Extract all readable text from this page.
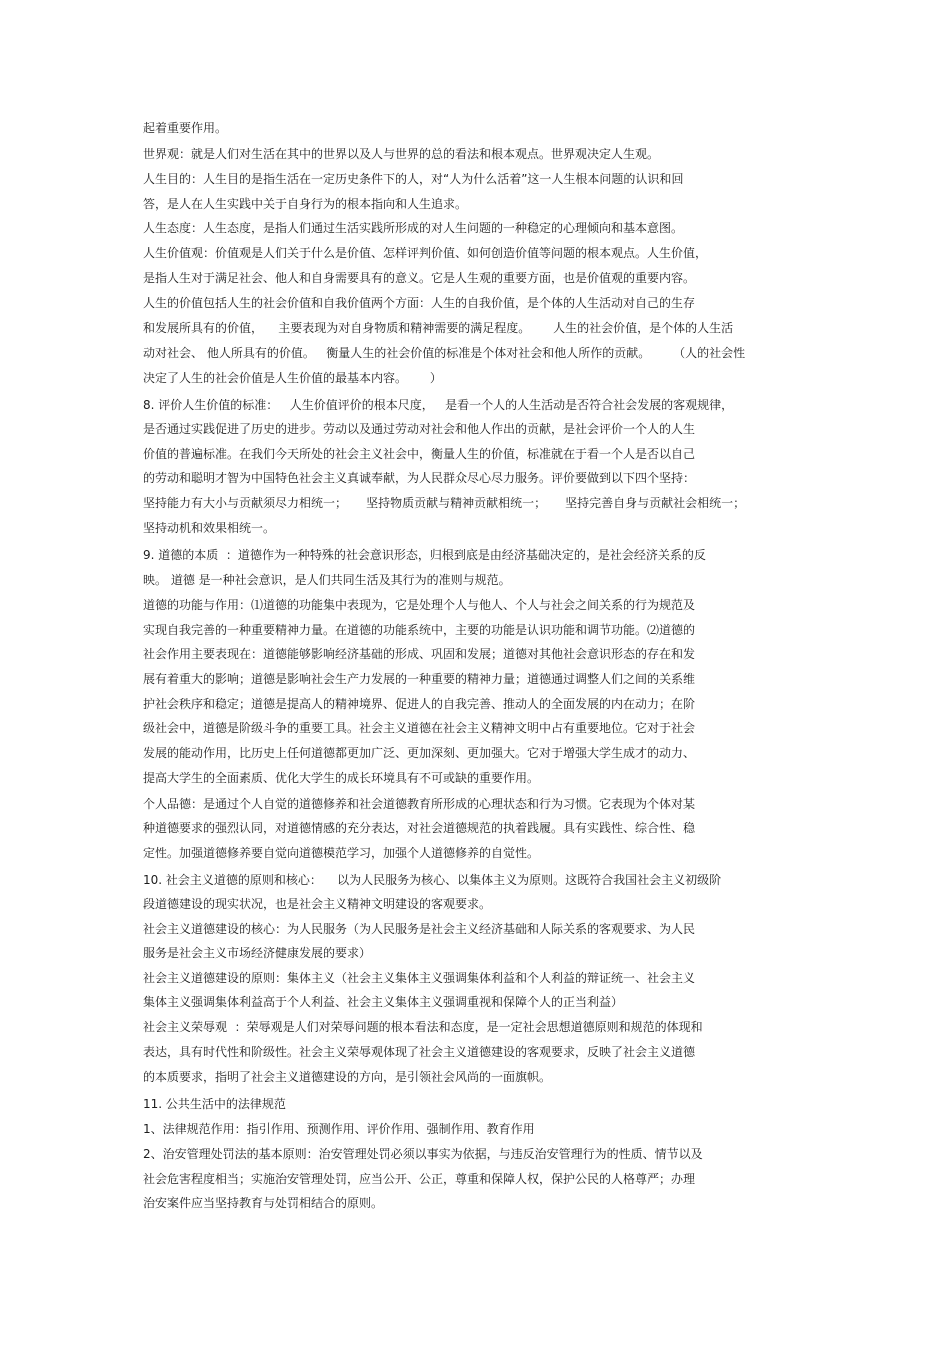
起着重要作用。

世界观：就是人们对生活在其中的世界以及人与世界的总的看法和根本观点。世界观决定人生观。

人生目的：人生目的是指生活在一定历史条件下的人，对“人为什么活着”这一人生根本问题的认识和回

答，是人在人生实践中关于自身行为的根本指向和人生追求。

人生态度：人生态度，是指人们通过生活实践所形成的对人生问题的一种稳定的心理倾向和基本意图。

人生价值观：价值观是人们关于什么是价值、怎样评判价值、如何创造价值等问题的根本观点。人生价值，

是指人生对于满足社会、他人和自身需要具有的意义。它是人生观的重要方面，也是价值观的重要内容。

人生的价值包括人生的社会价值和自我价值两个方面：人生的自我价值，是个体的人生活动对自己的生存

和发展所具有的价值，    主要表现为对自身物质和精神需要的满足程度。      人生的社会价值，是个体的人生活

动对社会、 他人所具有的价值。   衡量人生的社会价值的标准是个体对社会和他人所作的贡献。      （人的社会性

决定了人生的社会价值是人生价值的最基本内容。      ）

8. 评价人生价值的标准：   人生价值评价的根本尺度，   是看一个人的人生活动是否符合社会发展的客观规律，

是否通过实践促进了历史的进步。劳动以及通过劳动对社会和他人作出的贡献，是社会评价一个人的人生

价值的普遍标准。在我们今天所处的社会主义社会中，衡量人生的价值，标准就在于看一个人是否以自己

的劳动和聪明才智为中国特色社会主义真诚奉献，为人民群众尽心尽力服务。评价要做到以下四个坚持：

坚持能力有大小与贡献须尽力相统一；     坚持物质贡献与精神贡献相统一；     坚持完善自身与贡献社会相统一；

坚持动机和效果相统一。

9. 道德的本质  ：道德作为一种特殊的社会意识形态，归根到底是由经济基础决定的，是社会经济关系的反

映。 道德 是一种社会意识，是人们共同生活及其行为的准则与规范。

道德的功能与作用：⑴道德的功能集中表现为，它是处理个人与他人、个人与社会之间关系的行为规范及

实现自我完善的一种重要精神力量。在道德的功能系统中，主要的功能是认识功能和调节功能。⑵道德的

社会作用主要表现在：道德能够影响经济基础的形成、巩固和发展；道德对其他社会意识形态的存在和发

展有着重大的影响；道德是影响社会生产力发展的一种重要的精神力量；道德通过调整人们之间的关系维

护社会秩序和稳定；道德是提高人的精神境界、促进人的自我完善、推动人的全面发展的内在动力；在阶

级社会中，道德是阶级斗争的重要工具。社会主义道德在社会主义精神文明中占有重要地位。它对于社会

发展的能动作用，比历史上任何道德都更加广泛、更加深刻、更加强大。它对于增强大学生成才的动力、

提高大学生的全面素质、优化大学生的成长环境具有不可或缺的重要作用。

个人品德：是通过个人自觉的道德修养和社会道德教育所形成的心理状态和行为习惯。它表现为个体对某

种道德要求的强烈认同，对道德情感的充分表达，对社会道德规范的执着践履。具有实践性、综合性、稳

定性。加强道德修养要自觉向道德模范学习，加强个人道德修养的自觉性。

10. 社会主义道德的原则和核心：    以为人民服务为核心、以集体主义为原则。这既符合我国社会主义初级阶

段道德建设的现实状况，也是社会主义精神文明建设的客观要求。

社会主义道德建设的核心：为人民服务（为人民服务是社会主义经济基础和人际关系的客观要求、为人民

服务是社会主义市场经济健康发展的要求）

社会主义道德建设的原则：集体主义（社会主义集体主义强调集体利益和个人利益的辩证统一、社会主义

集体主义强调集体利益高于个人利益、社会主义集体主义强调重视和保障个人的正当利益）

社会主义荣辱观  ：荣辱观是人们对荣辱问题的根本看法和态度，是一定社会思想道德原则和规范的体现和

表达，具有时代性和阶级性。社会主义荣辱观体现了社会主义道德建设的客观要求，反映了社会主义道德

的本质要求，指明了社会主义道德建设的方向，是引领社会风尚的一面旗帜。

11. 公共生活中的法律规范

1、法律规范作用：指引作用、预测作用、评价作用、强制作用、教育作用

2、治安管理处罚法的基本原则：治安管理处罚必须以事实为依据，与违反治安管理行为的性质、情节以及

社会危害程度相当；实施治安管理处罚，应当公开、公正，尊重和保障人权，保护公民的人格尊严；办理

治安案件应当坚持教育与处罚相结合的原则。
